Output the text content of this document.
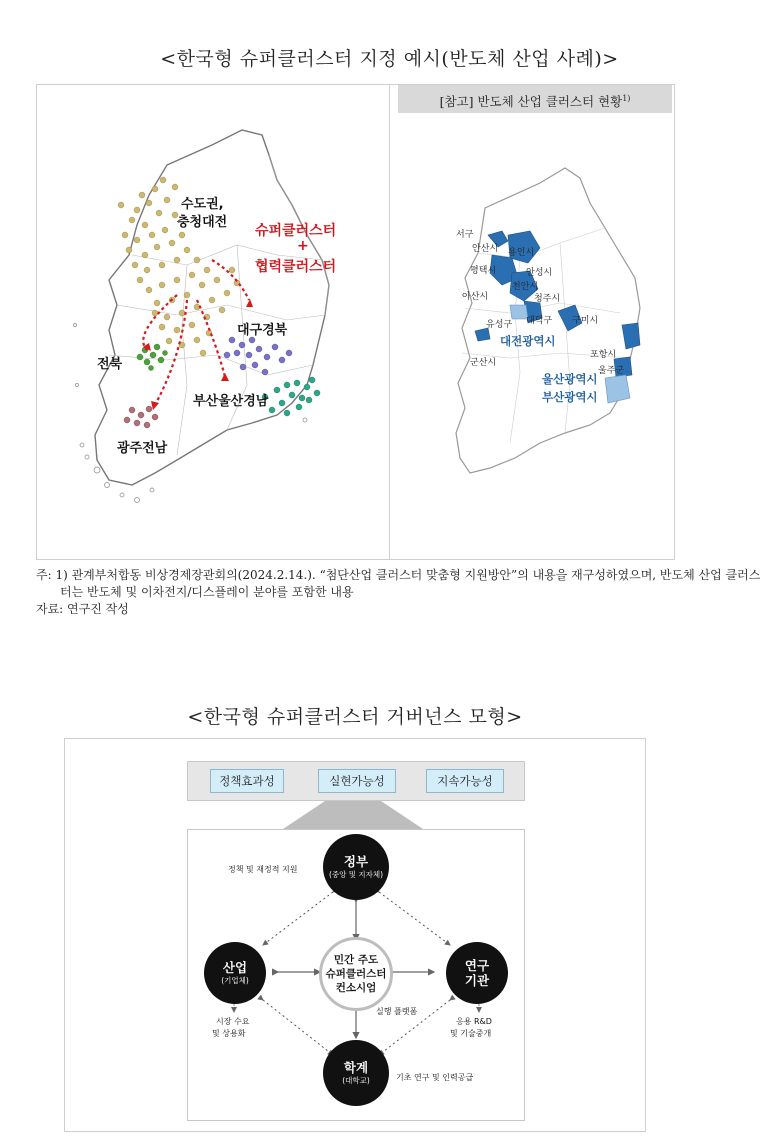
<한국형 슈퍼클러스터 지정 예시(반도체 산업 사례)>
수도권,
충청대전
슈퍼클러스터
+
협력클러스터
대구경북
전북
부산울산경남
광주전남
[참고] 반도체 산업 클러스터 현황$^{1)}$
서구
안산시 용인시
평택시	안성시
천안시
아산시	청주시
유성구 대덕구 구미시
군산시
포항시
울주군
대전광역시
울산광역시
부산광역시
주: 1) 관계부처합동 비상경제장관회의(2024.2.14.). “첨단산업 클러스터 맞춤형 지원방안”의 내용을 재구성하였으며, 반도체 산업 클러스
터는 반도체 및 이차전지/디스플레이 분야를 포함한 내용
자료: 연구진 작성
<한국형 슈퍼클러스터 거버넌스 모형>
정책효과성	실현가능성	지속가능성
정부
(중앙 및 지자체)
산업
(기업체)
연구
기관
학계
(대학교)
민간 주도
슈퍼클러스터
컨소시엄
정책 및 재정적 지원
실행 플랫폼
시장 수요
및 상용화
응용 R&D
및 기술중개
기초 연구 및 인력공급
